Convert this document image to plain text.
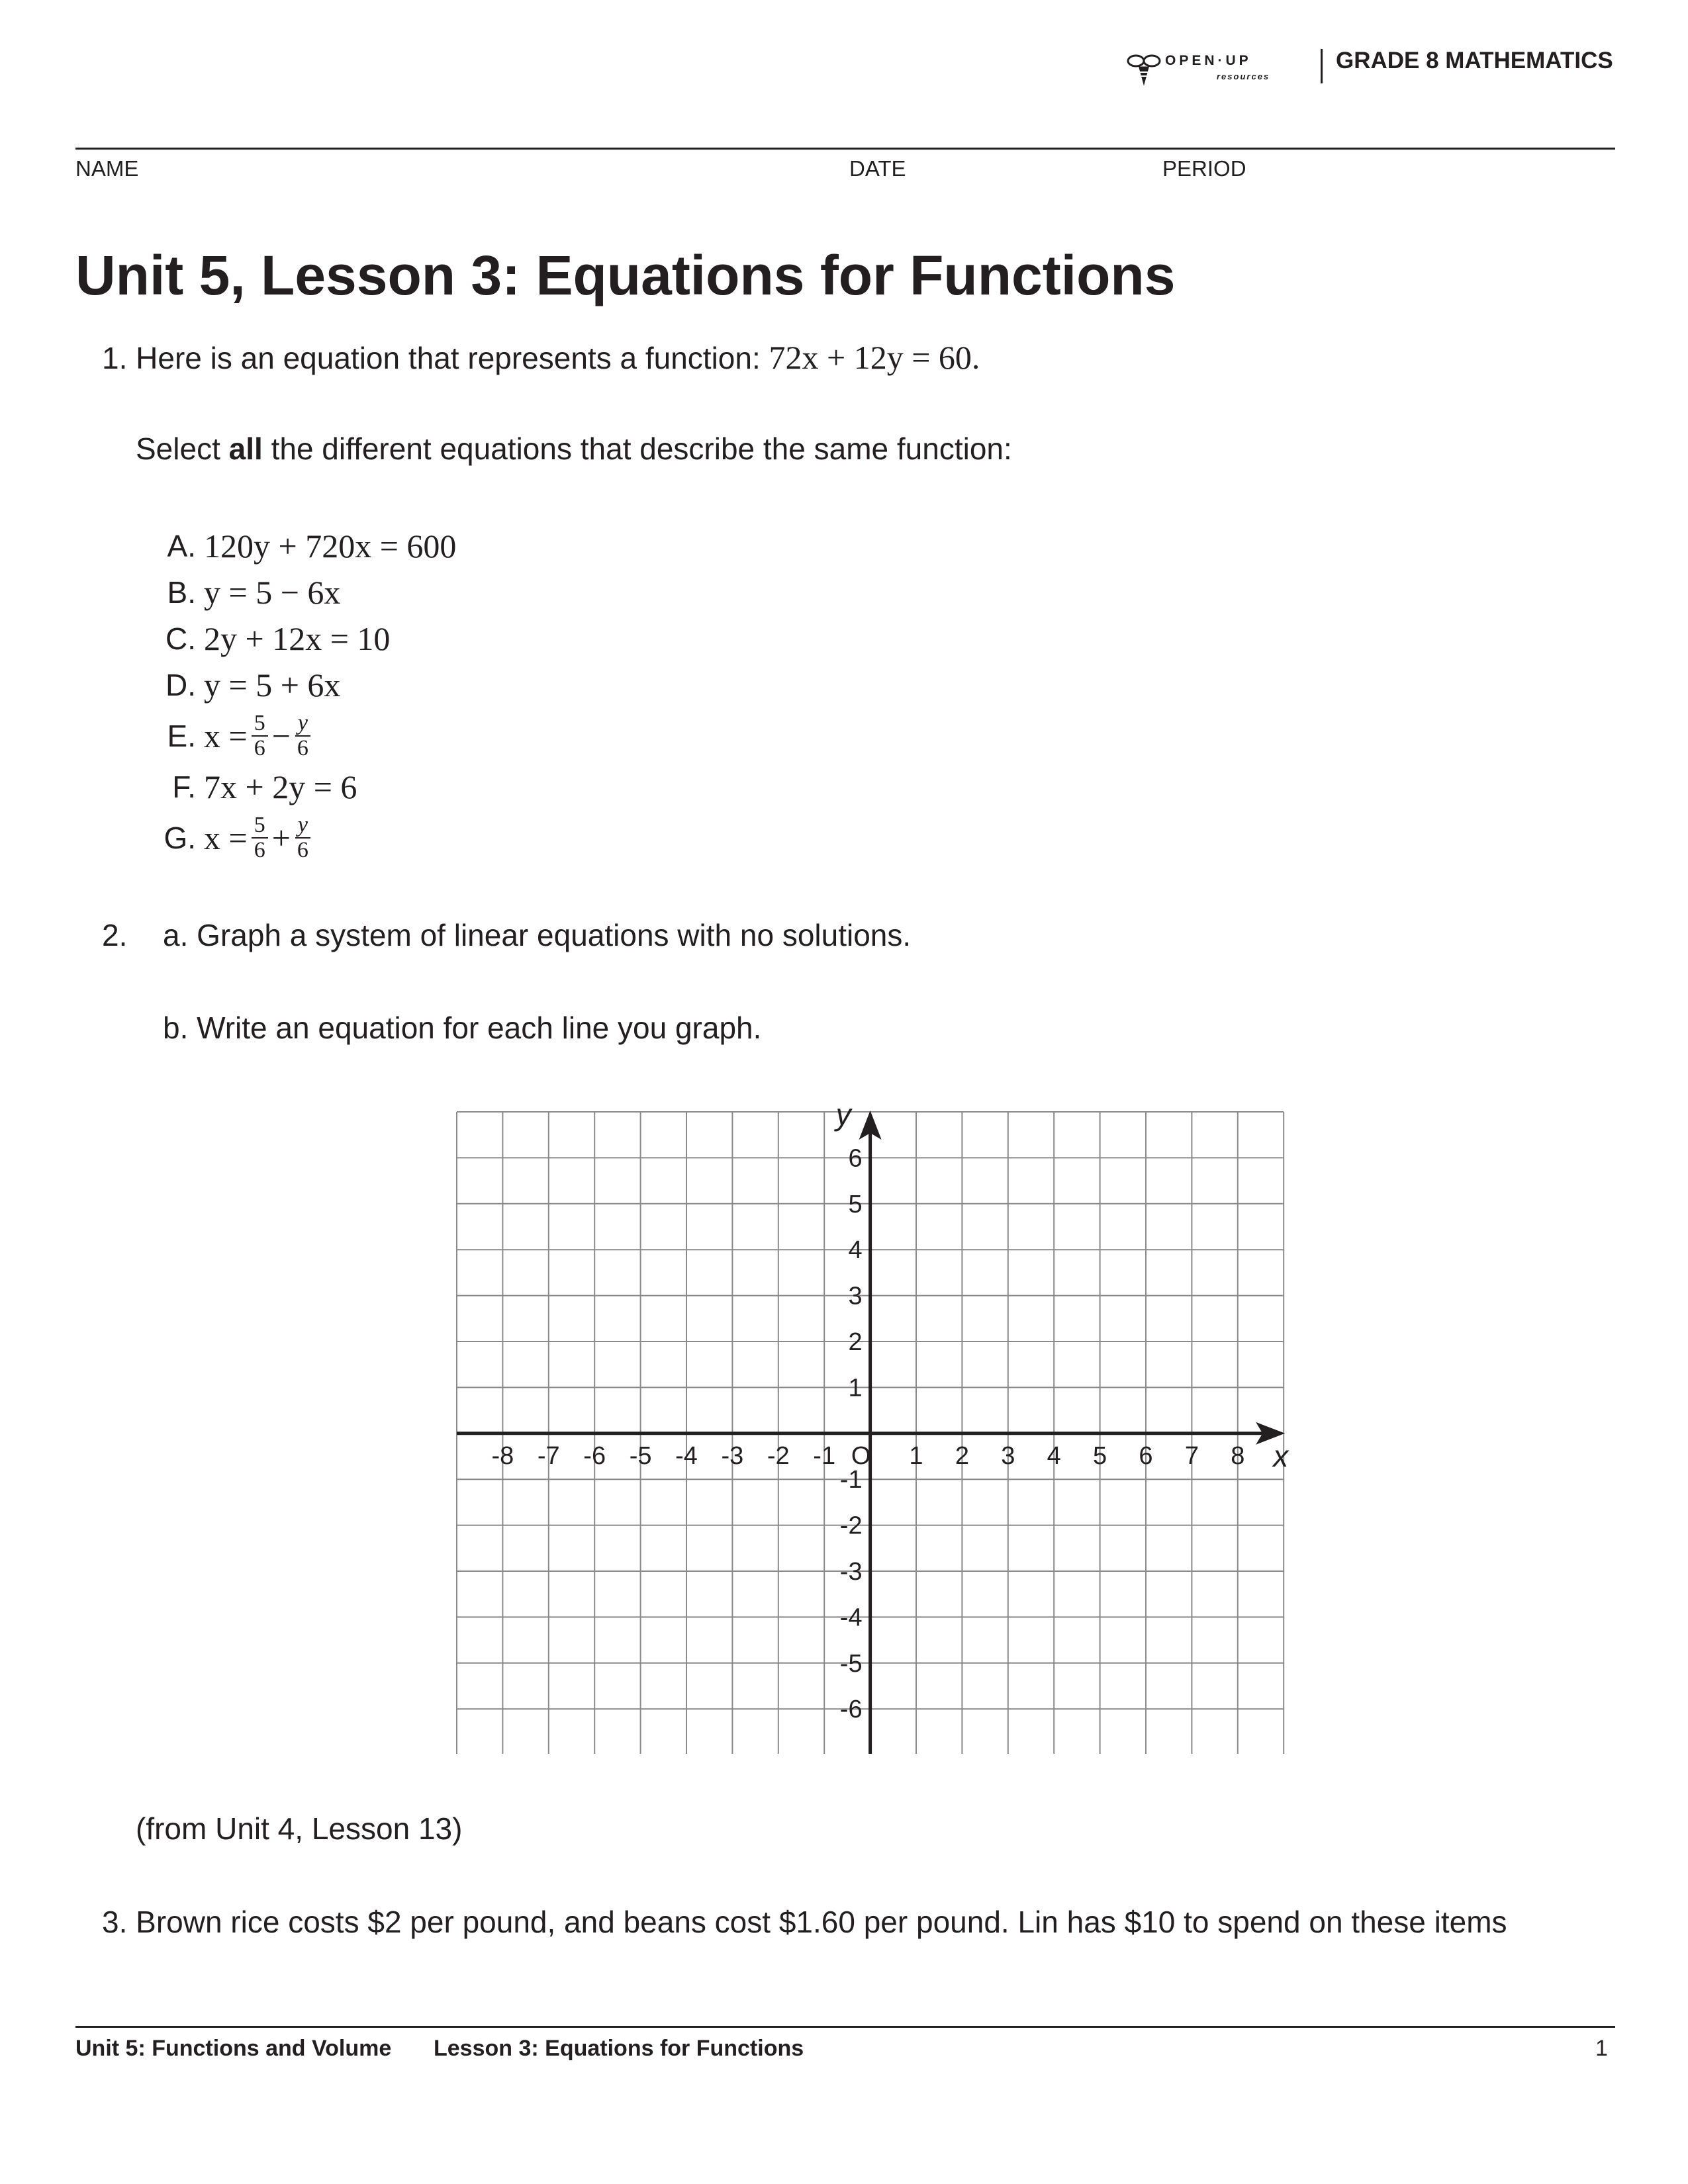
OPEN·UP
resources
GRADE 8 MATHEMATICS
NAME	DATE	PERIOD
Unit 5, Lesson 3: Equations for Functions
1. Here is an equation that represents a function: 72x + 12y = 60.
Select all the different equations that describe the same function:
A. 120y + 720x = 600
B. y = 5 − 6x
C. 2y + 12x = 10
D. y = 5 + 6x
E. $x = \frac{5}{6} - \frac{y}{6}$
F. 7x + 2y = 6
G. $x = \frac{5}{6} + \frac{y}{6}$
2. a. Graph a system of linear equations with no solutions.
b. Write an equation for each line you graph.
-8 -7 -6 -5 -4 -3 -2 -1	1 2 3 4 5 6 7 8
6
5
4
3
2
1
-1
-2
-3
-4
-5
-6
O	x
y
(from Unit 4, Lesson 13)
3. Brown rice costs $2 per pound, and beans cost $1.60 per pound. Lin has $10 to spend on these items
Unit 5: Functions and Volume Lesson 3: Equations for Functions	1
